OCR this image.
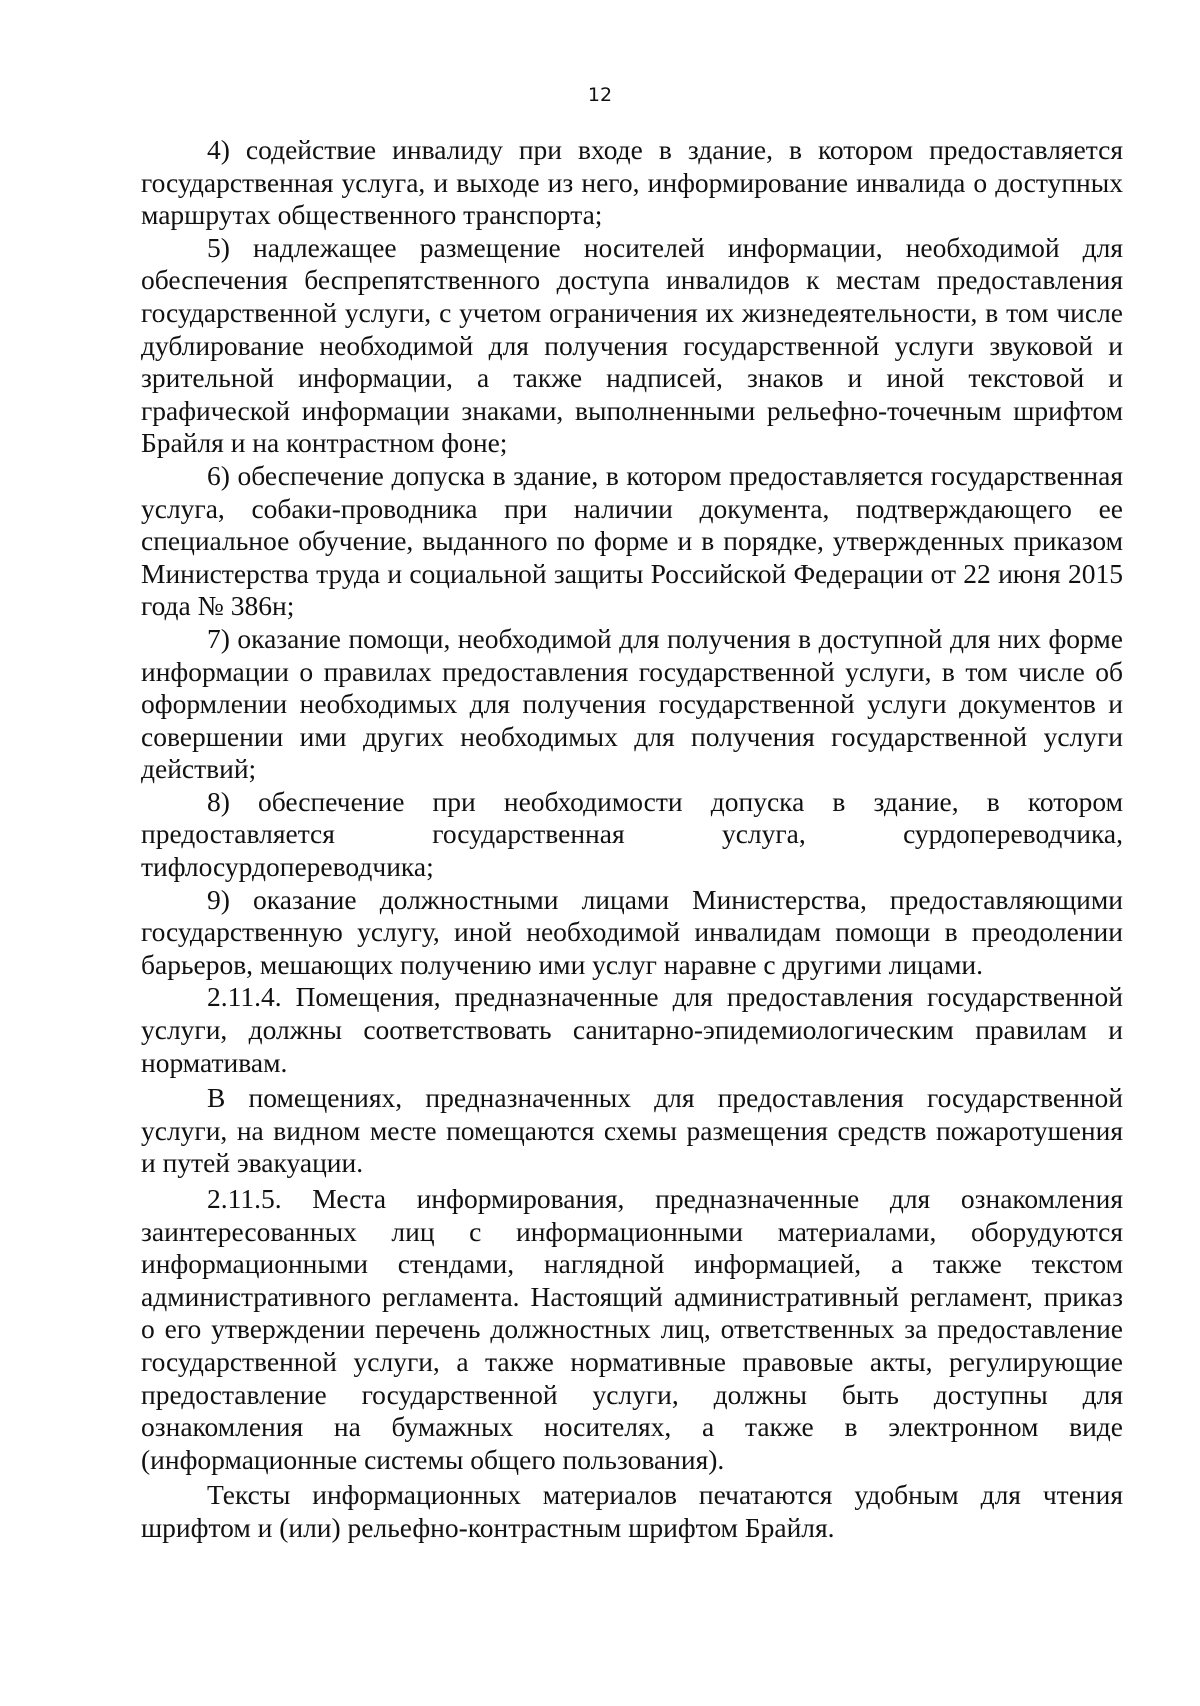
12

4) содействие инвалиду при входе в здание, в котором предоставляется государственная услуга, и выходе из него, информирование инвалида о доступных маршрутах общественного транспорта;

5) надлежащее размещение носителей информации, необходимой для обеспечения беспрепятственного доступа инвалидов к местам предоставления государственной услуги, с учетом ограничения их жизнедеятельности, в том числе дублирование необходимой для получения государственной услуги звуковой и зрительной информации, а также надписей, знаков и иной текстовой и графической информации знаками, выполненными рельефно-точечным шрифтом Брайля и на контрастном фоне;

6) обеспечение допуска в здание, в котором предоставляется государственная услуга, собаки-проводника при наличии документа, подтверждающего ее специальное обучение, выданного по форме и в порядке, утвержденных приказом Министерства труда и социальной защиты Российской Федерации от 22 июня 2015 года № 386н;

7) оказание помощи, необходимой для получения в доступной для них форме информации о правилах предоставления государственной услуги, в том числе об оформлении необходимых для получения государственной услуги документов и совершении ими других необходимых для получения государственной услуги действий;

8) обеспечение при необходимости допуска в здание, в котором предоставляется государственная услуга, сурдопереводчика, тифлосурдопереводчика;

9) оказание должностными лицами Министерства, предоставляющими государственную услугу, иной необходимой инвалидам помощи в преодолении барьеров, мешающих получению ими услуг наравне с другими лицами.

2.11.4. Помещения, предназначенные для предоставления государственной услуги, должны соответствовать санитарно-эпидемиологическим правилам и нормативам.

В помещениях, предназначенных для предоставления государственной услуги, на видном месте помещаются схемы размещения средств пожаротушения и путей эвакуации.

2.11.5. Места информирования, предназначенные для ознакомления заинтересованных лиц с информационными материалами, оборудуются информационными стендами, наглядной информацией, а также текстом административного регламента. Настоящий административный регламент, приказ о его утверждении перечень должностных лиц, ответственных за предоставление государственной услуги, а также нормативные правовые акты, регулирующие предоставление государственной услуги, должны быть доступны для ознакомления на бумажных носителях, а также в электронном виде (информационные системы общего пользования).

Тексты информационных материалов печатаются удобным для чтения шрифтом и (или) рельефно-контрастным шрифтом Брайля.
